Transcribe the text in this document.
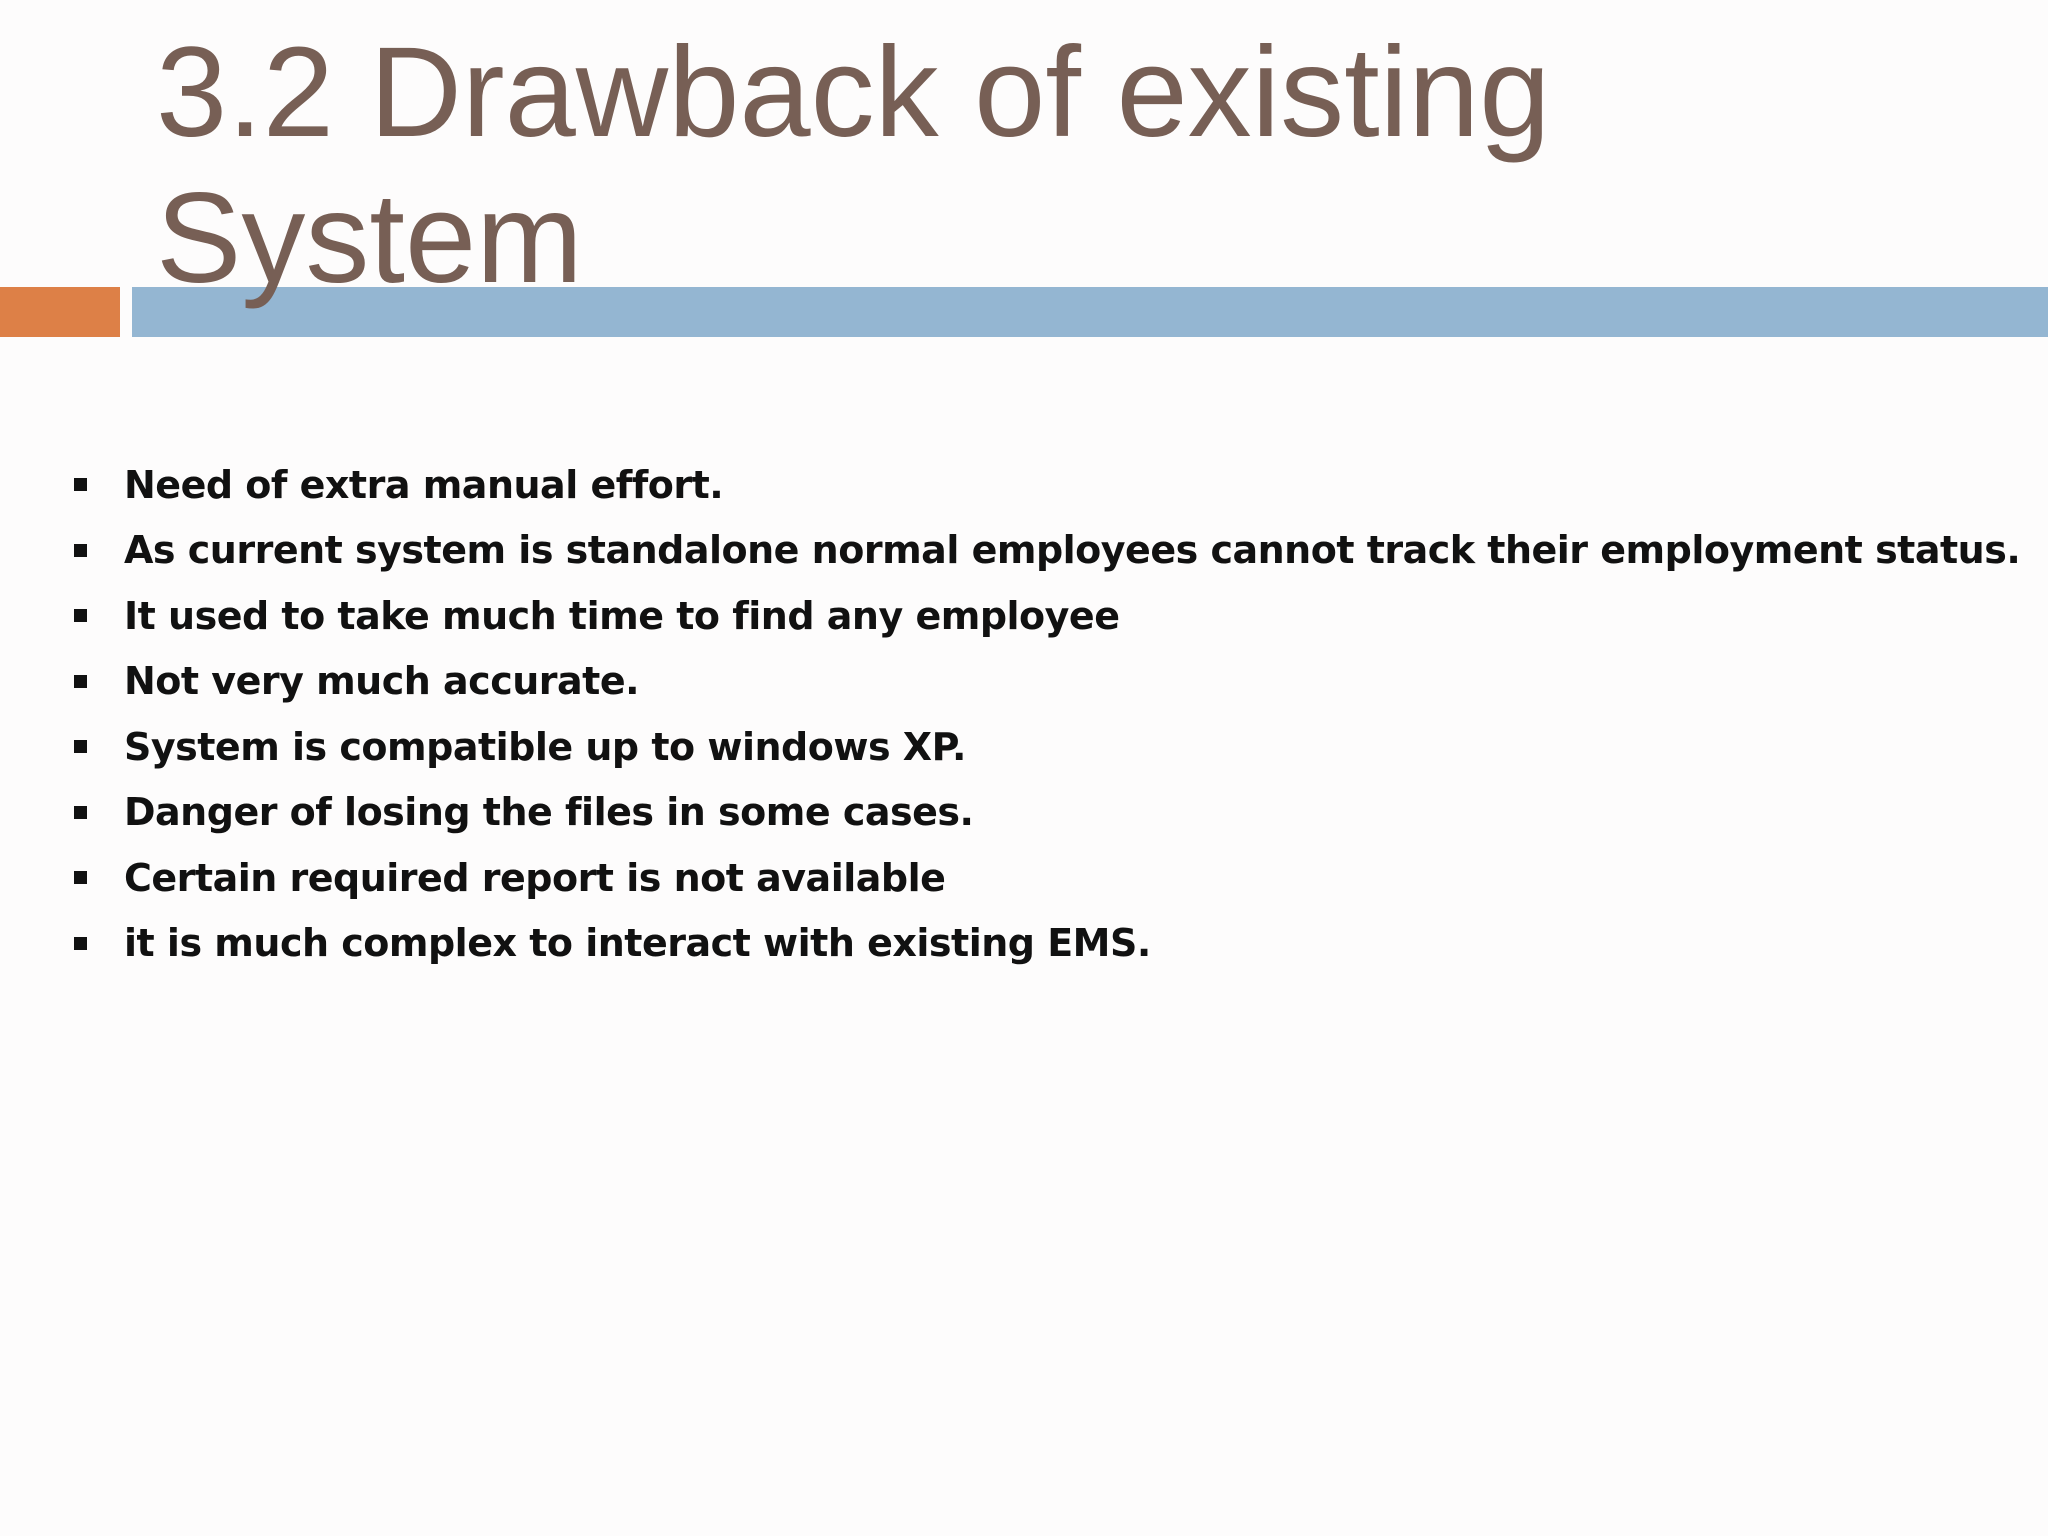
3.2 Drawback of existing
System
Need of extra manual effort.
As current system is standalone normal employees cannot track their employment status.
It used to take much time to find any employee
Not very much accurate.
System is compatible up to windows XP.
Danger of losing the files in some cases.
Certain required report is not available
it is much complex to interact with existing EMS.
